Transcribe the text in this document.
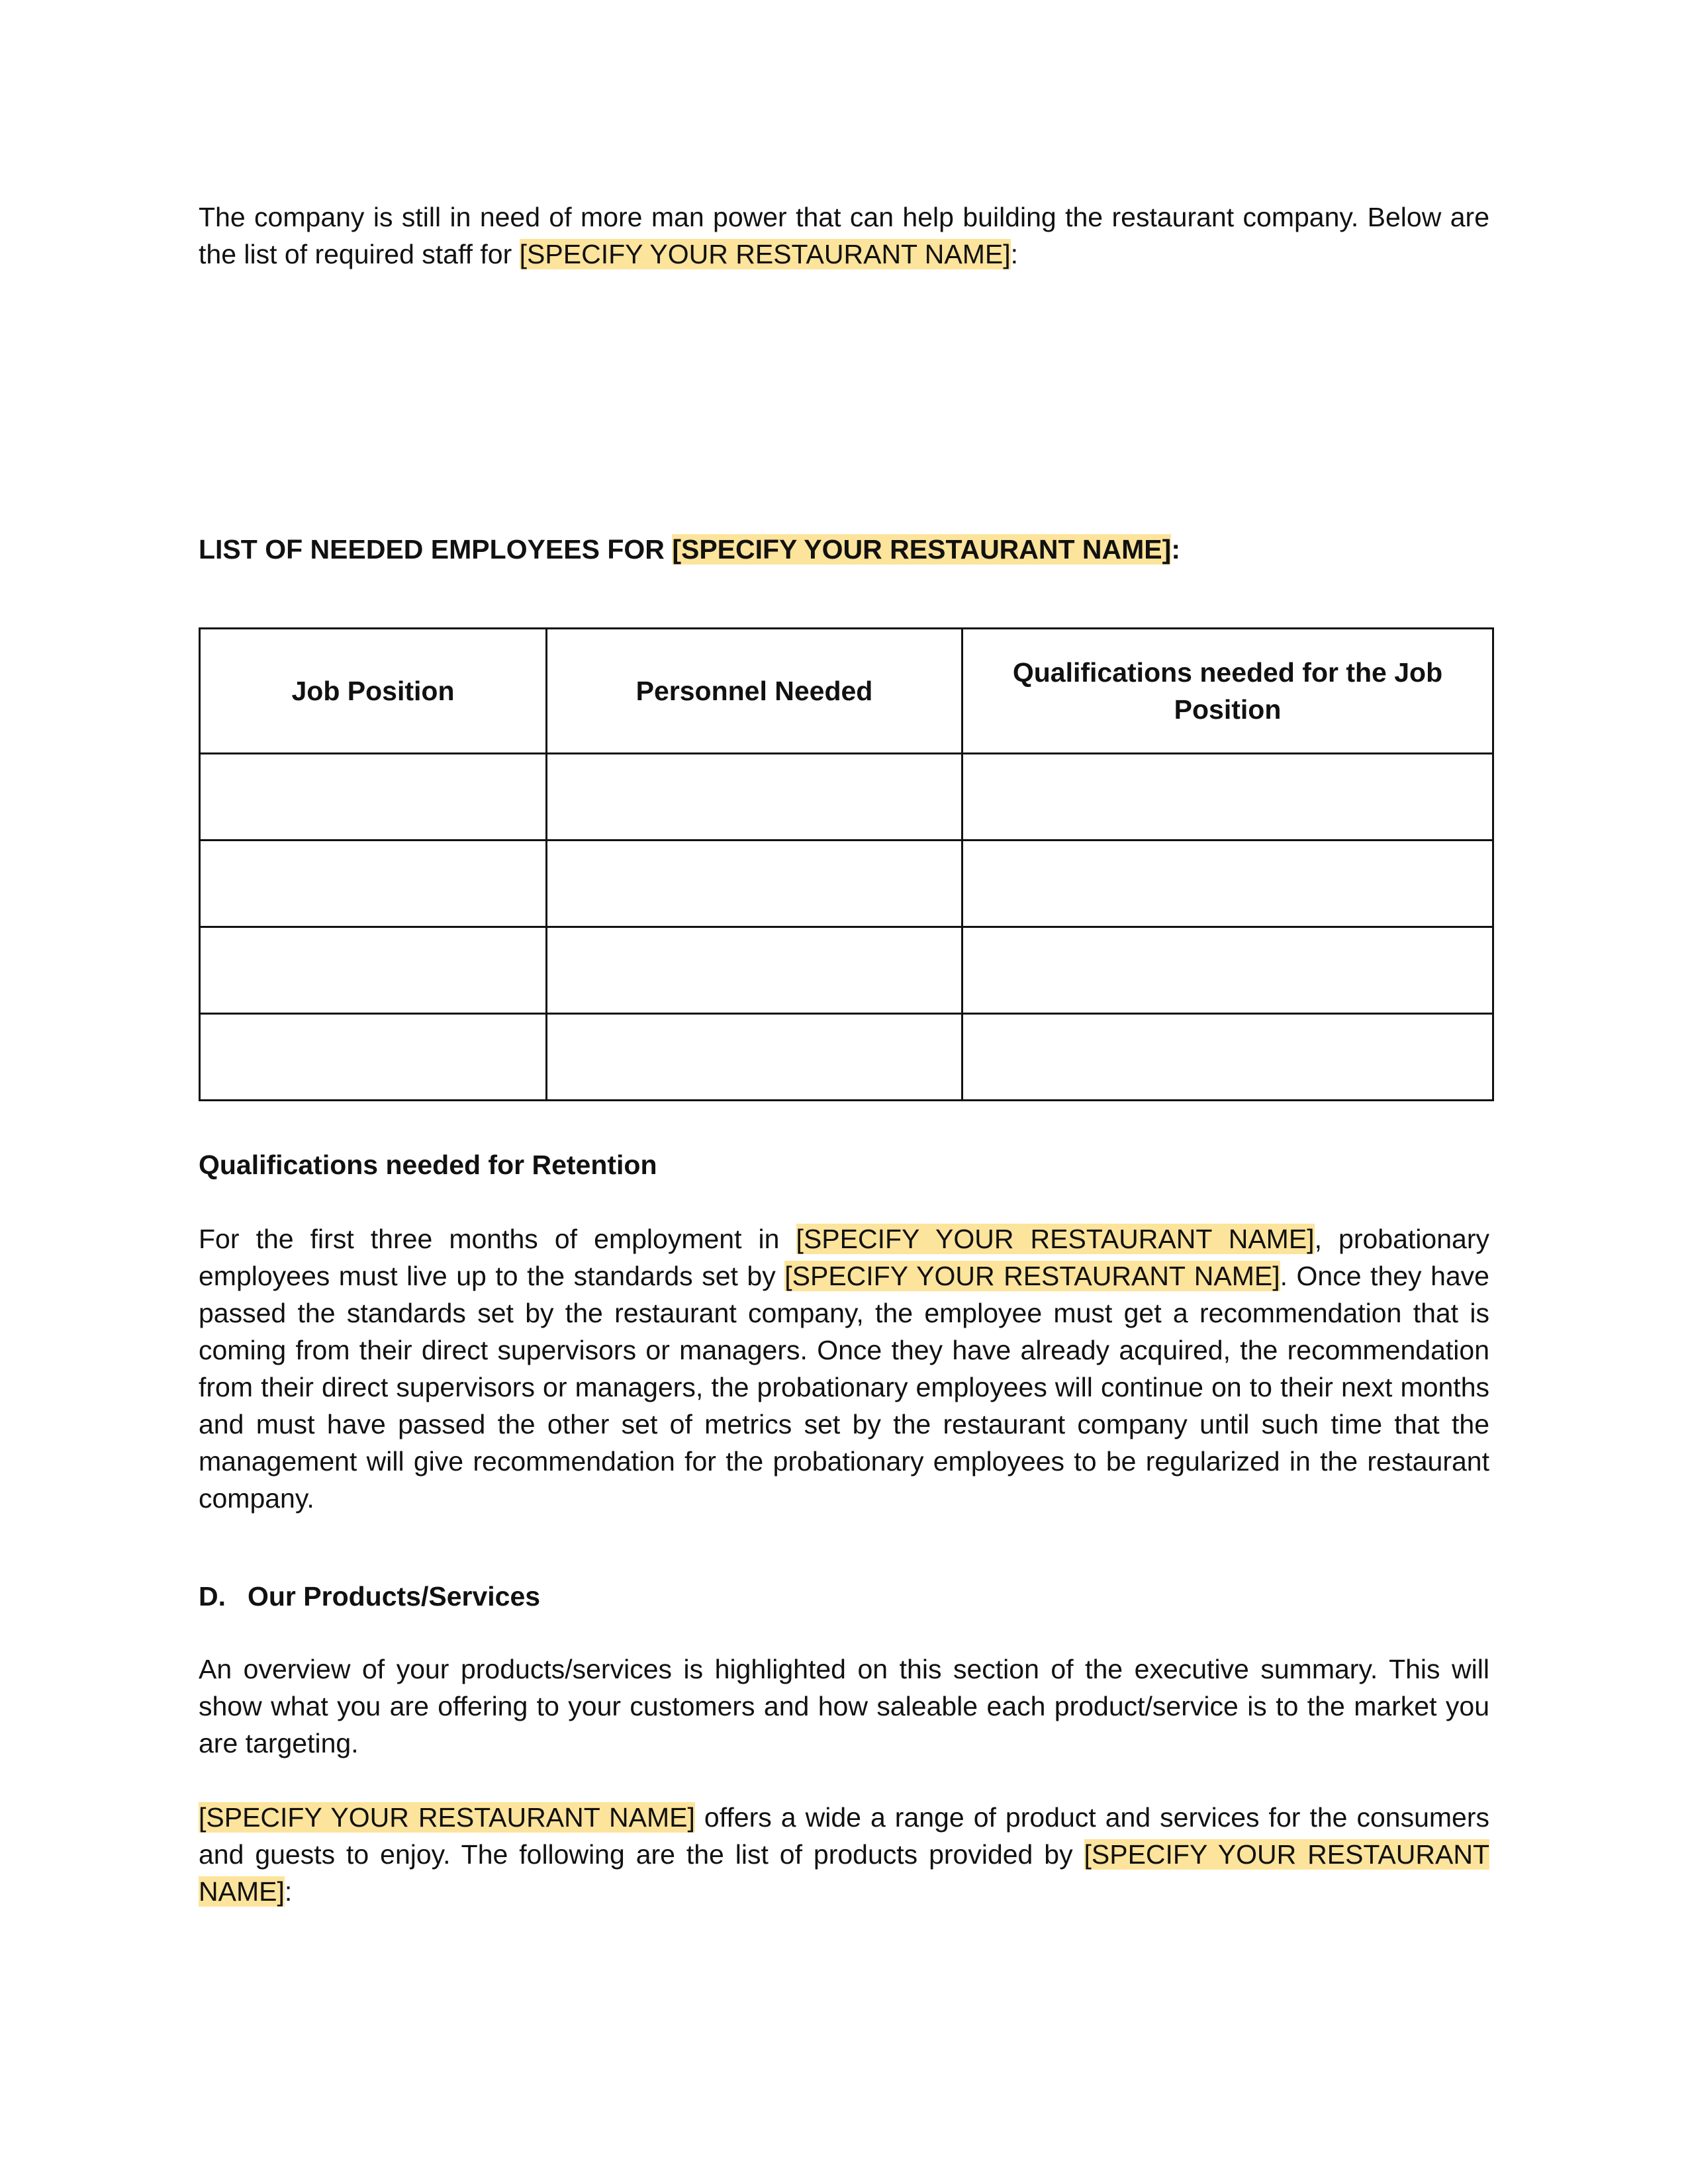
The company is still in need of more man power that can help building the restaurant company. Below are the list of required staff for [SPECIFY YOUR RESTAURANT NAME]:

LIST OF NEEDED EMPLOYEES FOR [SPECIFY YOUR RESTAURANT NAME]:

Job Position	Personnel Needed	Qualifications needed for the Job Position

Qualifications needed for Retention

For the first three months of employment in [SPECIFY YOUR RESTAURANT NAME], probationary employees must live up to the standards set by [SPECIFY YOUR RESTAURANT NAME]. Once they have passed the standards set by the restaurant company, the employee must get a recommendation that is coming from their direct supervisors or managers. Once they have already acquired, the recommendation from their direct supervisors or managers, the probationary employees will continue on to their next months and must have passed the other set of metrics set by the restaurant company until such time that the management will give recommendation for the probationary employees to be regularized in the restaurant company.

D. Our Products/Services

An overview of your products/services is highlighted on this section of the executive summary. This will show what you are offering to your customers and how saleable each product/service is to the market you are targeting.

[SPECIFY YOUR RESTAURANT NAME] offers a wide a range of product and services for the consumers and guests to enjoy. The following are the list of products provided by [SPECIFY YOUR RESTAURANT NAME]:
